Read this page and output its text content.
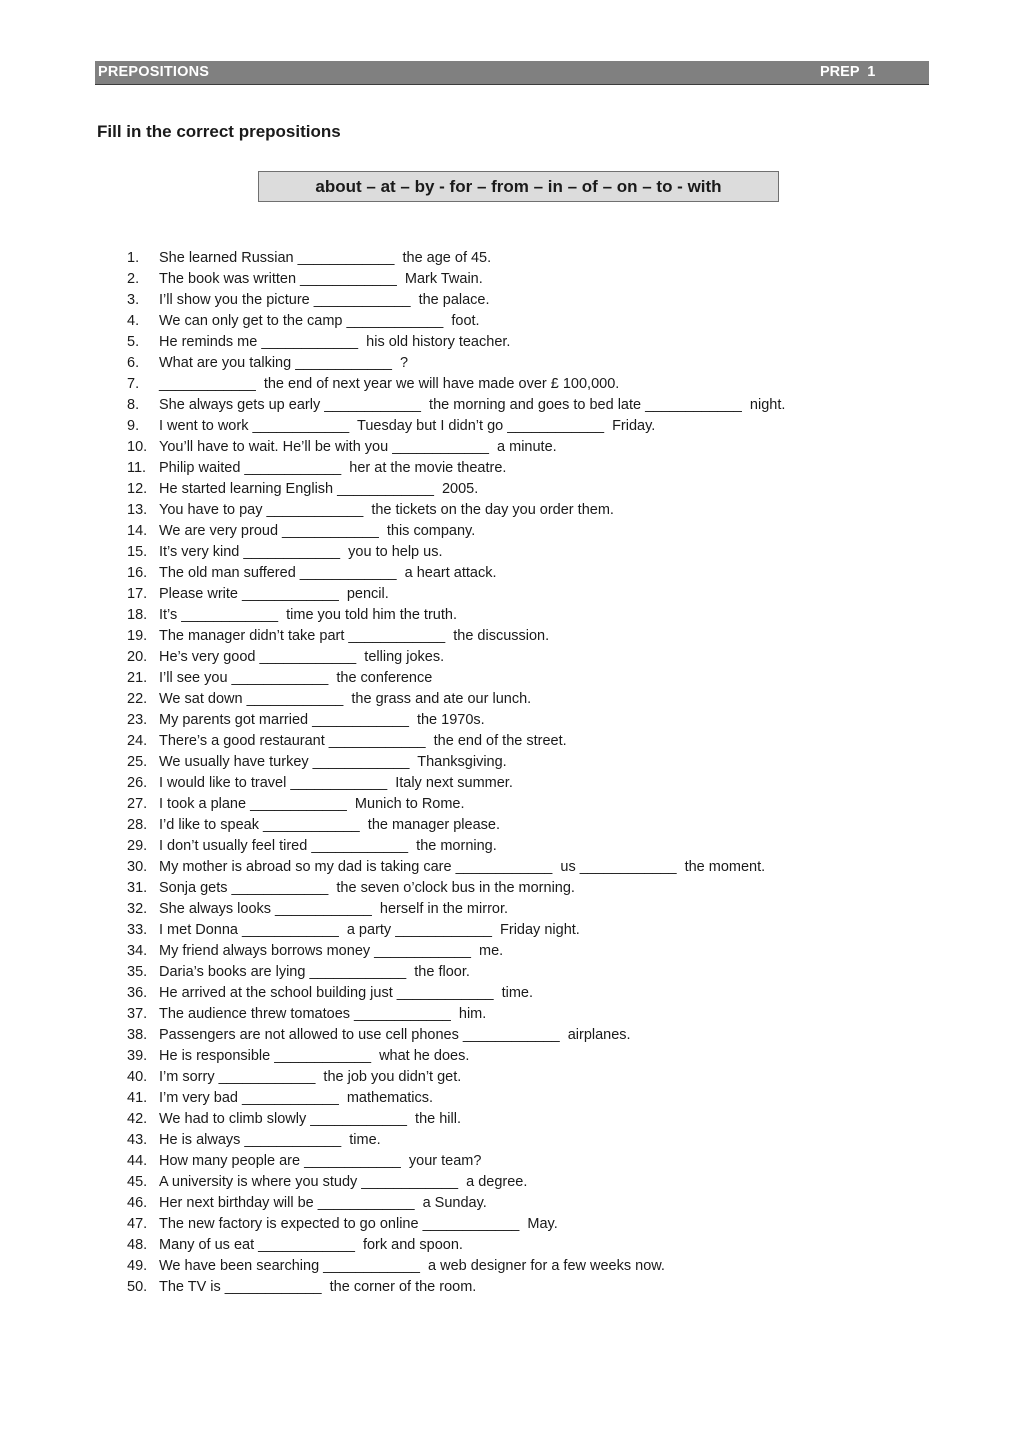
PREPOSITIONS	PREP  1
Fill in the correct prepositions
about – at – by - for – from – in – of – on – to - with
1. She learned Russian ____________  the age of 45.
2. The book was written ____________  Mark Twain.
3. I’ll show you the picture ____________  the palace.
4. We can only get to the camp ____________  foot.
5. He reminds me ____________  his old history teacher.
6. What are you talking ____________  ?
7. ____________  the end of next year we will have made over £ 100,000.
8. She always gets up early ____________  the morning and goes to bed late ____________  night.
9. I went to work ____________  Tuesday but I didn’t go ____________  Friday.
10. You’ll have to wait. He’ll be with you ____________  a minute.
11. Philip waited ____________  her at the movie theatre.
12. He started learning English ____________  2005.
13. You have to pay ____________  the tickets on the day you order them.
14. We are very proud ____________  this company.
15. It’s very kind ____________  you to help us.
16. The old man suffered ____________  a heart attack.
17. Please write ____________  pencil.
18. It’s ____________  time you told him the truth.
19. The manager didn’t take part ____________  the discussion.
20. He’s very good ____________  telling jokes.
21. I’ll see you ____________  the conference
22. We sat down ____________  the grass and ate our lunch.
23. My parents got married ____________  the 1970s.
24. There’s a good restaurant ____________  the end of the street.
25. We usually have turkey ____________  Thanksgiving.
26. I would like to travel ____________  Italy next summer.
27. I took a plane ____________  Munich to Rome.
28. I’d like to speak ____________  the manager please.
29. I don’t usually feel tired ____________  the morning.
30. My mother is abroad so my dad is taking care ____________  us ____________  the moment.
31. Sonja gets ____________  the seven o’clock bus in the morning.
32. She always looks ____________  herself in the mirror.
33. I met Donna ____________  a party ____________  Friday night.
34. My friend always borrows money ____________  me.
35. Daria’s books are lying ____________  the floor.
36. He arrived at the school building just ____________  time.
37. The audience threw tomatoes ____________  him.
38. Passengers are not allowed to use cell phones ____________  airplanes.
39. He is responsible ____________  what he does.
40. I’m sorry ____________  the job you didn’t get.
41. I’m very bad ____________  mathematics.
42. We had to climb slowly ____________  the hill.
43. He is always ____________  time.
44. How many people are ____________  your team?
45. A university is where you study ____________  a degree.
46. Her next birthday will be ____________  a Sunday.
47. The new factory is expected to go online ____________  May.
48. Many of us eat ____________  fork and spoon.
49. We have been searching ____________  a web designer for a few weeks now.
50. The TV is ____________  the corner of the room.
